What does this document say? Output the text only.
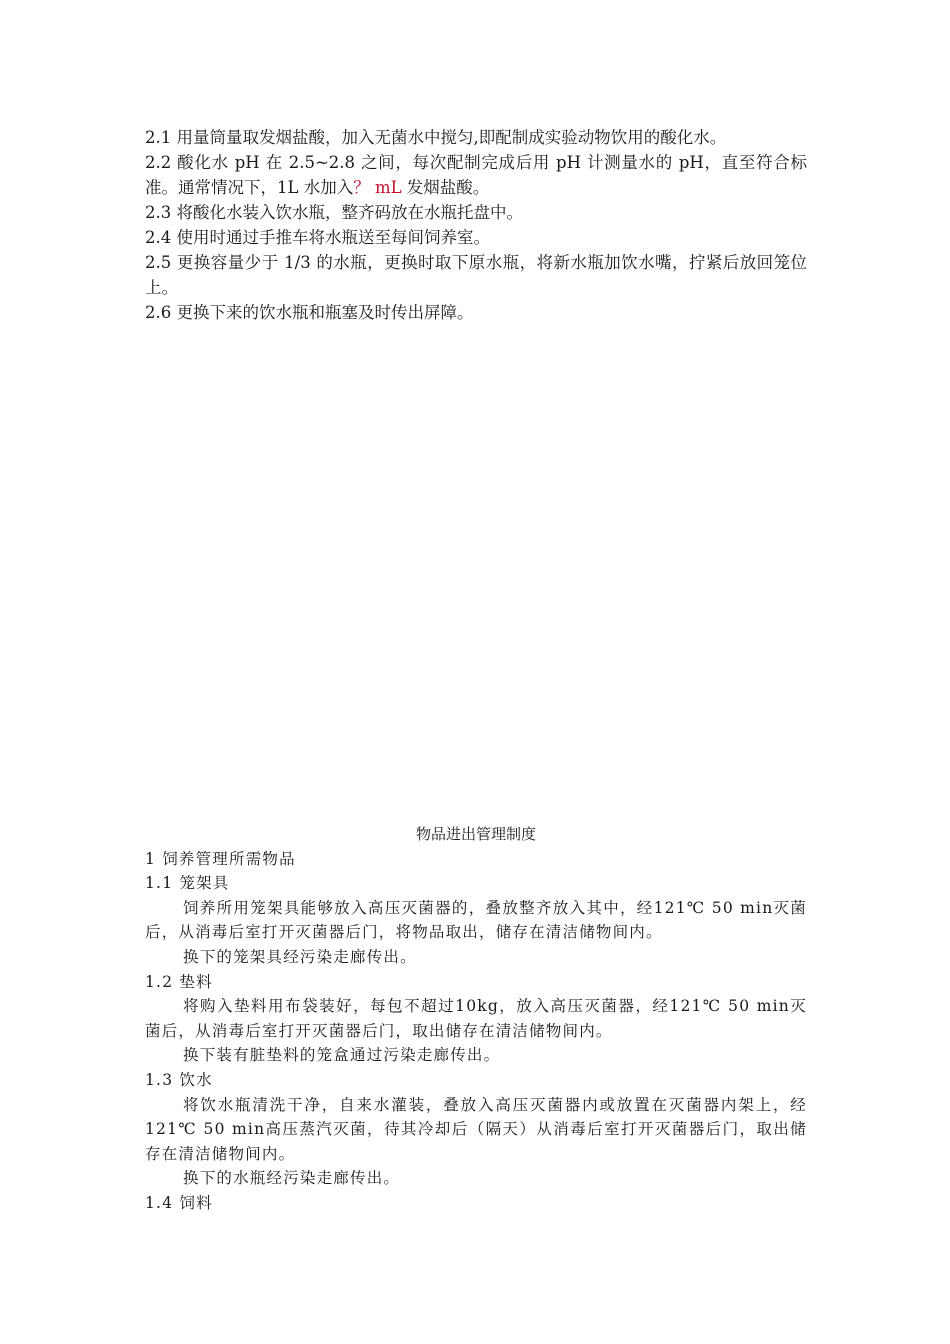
2.1 用量筒量取发烟盐酸，加入无菌水中搅匀,即配制成实验动物饮用的酸化水。

2.2 酸化水 pH 在 2.5~2.8 之间，每次配制完成后用 pH 计测量水的 pH，直至符合标准。通常情况下，1L 水加入？ mL 发烟盐酸。

2.3 将酸化水装入饮水瓶，整齐码放在水瓶托盘中。

2.4 使用时通过手推车将水瓶送至每间饲养室。

2.5 更换容量少于 1/3 的水瓶，更换时取下原水瓶，将新水瓶加饮水嘴，拧紧后放回笼位上。

2.6 更换下来的饮水瓶和瓶塞及时传出屏障。

物品进出管理制度

1 饲养管理所需物品

1.1 笼架具

饲养所用笼架具能够放入高压灭菌器的，叠放整齐放入其中，经121℃ 50 min灭菌后，从消毒后室打开灭菌器后门，将物品取出，储存在清洁储物间内。

换下的笼架具经污染走廊传出。

1.2 垫料

将购入垫料用布袋装好，每包不超过10kg，放入高压灭菌器，经121℃ 50 min灭菌后，从消毒后室打开灭菌器后门，取出储存在清洁储物间内。

换下装有脏垫料的笼盒通过污染走廊传出。

1.3 饮水

将饮水瓶清洗干净，自来水灌装，叠放入高压灭菌器内或放置在灭菌器内架上，经121℃ 50 min高压蒸汽灭菌，待其冷却后（隔天）从消毒后室打开灭菌器后门，取出储存在清洁储物间内。

换下的水瓶经污染走廊传出。

1.4 饲料
